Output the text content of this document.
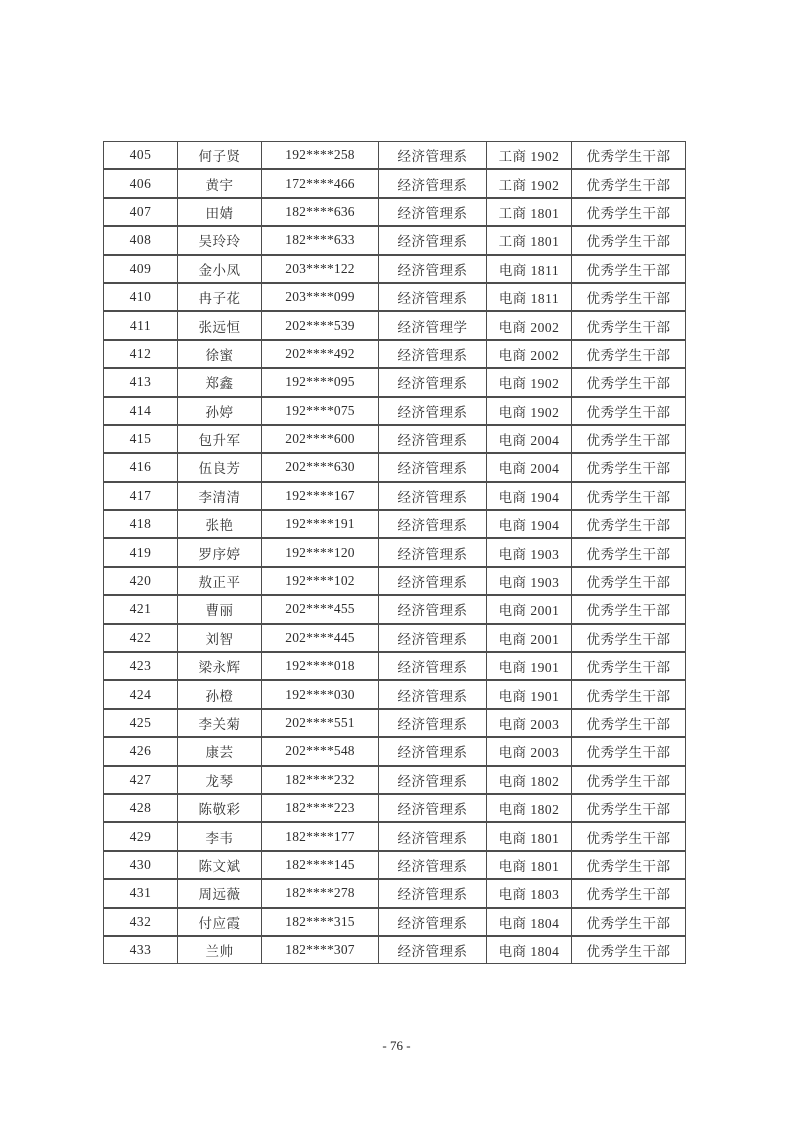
405	何子贤	192****258	经济管理系	工商 1902	优秀学生干部
406	黄宇	172****466	经济管理系	工商 1902	优秀学生干部
407	田婧	182****636	经济管理系	工商 1801	优秀学生干部
408	吴玲玲	182****633	经济管理系	工商 1801	优秀学生干部
409	金小凤	203****122	经济管理系	电商 1811	优秀学生干部
410	冉子花	203****099	经济管理系	电商 1811	优秀学生干部
411	张远恒	202****539	经济管理学	电商 2002	优秀学生干部
412	徐蜜	202****492	经济管理系	电商 2002	优秀学生干部
413	郑鑫	192****095	经济管理系	电商 1902	优秀学生干部
414	孙婷	192****075	经济管理系	电商 1902	优秀学生干部
415	包升军	202****600	经济管理系	电商 2004	优秀学生干部
416	伍良芳	202****630	经济管理系	电商 2004	优秀学生干部
417	李清清	192****167	经济管理系	电商 1904	优秀学生干部
418	张艳	192****191	经济管理系	电商 1904	优秀学生干部
419	罗序婷	192****120	经济管理系	电商 1903	优秀学生干部
420	敖正平	192****102	经济管理系	电商 1903	优秀学生干部
421	曹丽	202****455	经济管理系	电商 2001	优秀学生干部
422	刘智	202****445	经济管理系	电商 2001	优秀学生干部
423	梁永辉	192****018	经济管理系	电商 1901	优秀学生干部
424	孙橙	192****030	经济管理系	电商 1901	优秀学生干部
425	李关菊	202****551	经济管理系	电商 2003	优秀学生干部
426	康芸	202****548	经济管理系	电商 2003	优秀学生干部
427	龙琴	182****232	经济管理系	电商 1802	优秀学生干部
428	陈敬彩	182****223	经济管理系	电商 1802	优秀学生干部
429	李韦	182****177	经济管理系	电商 1801	优秀学生干部
430	陈文斌	182****145	经济管理系	电商 1801	优秀学生干部
431	周远薇	182****278	经济管理系	电商 1803	优秀学生干部
432	付应霞	182****315	经济管理系	电商 1804	优秀学生干部
433	兰帅	182****307	经济管理系	电商 1804	优秀学生干部
- 76 -
